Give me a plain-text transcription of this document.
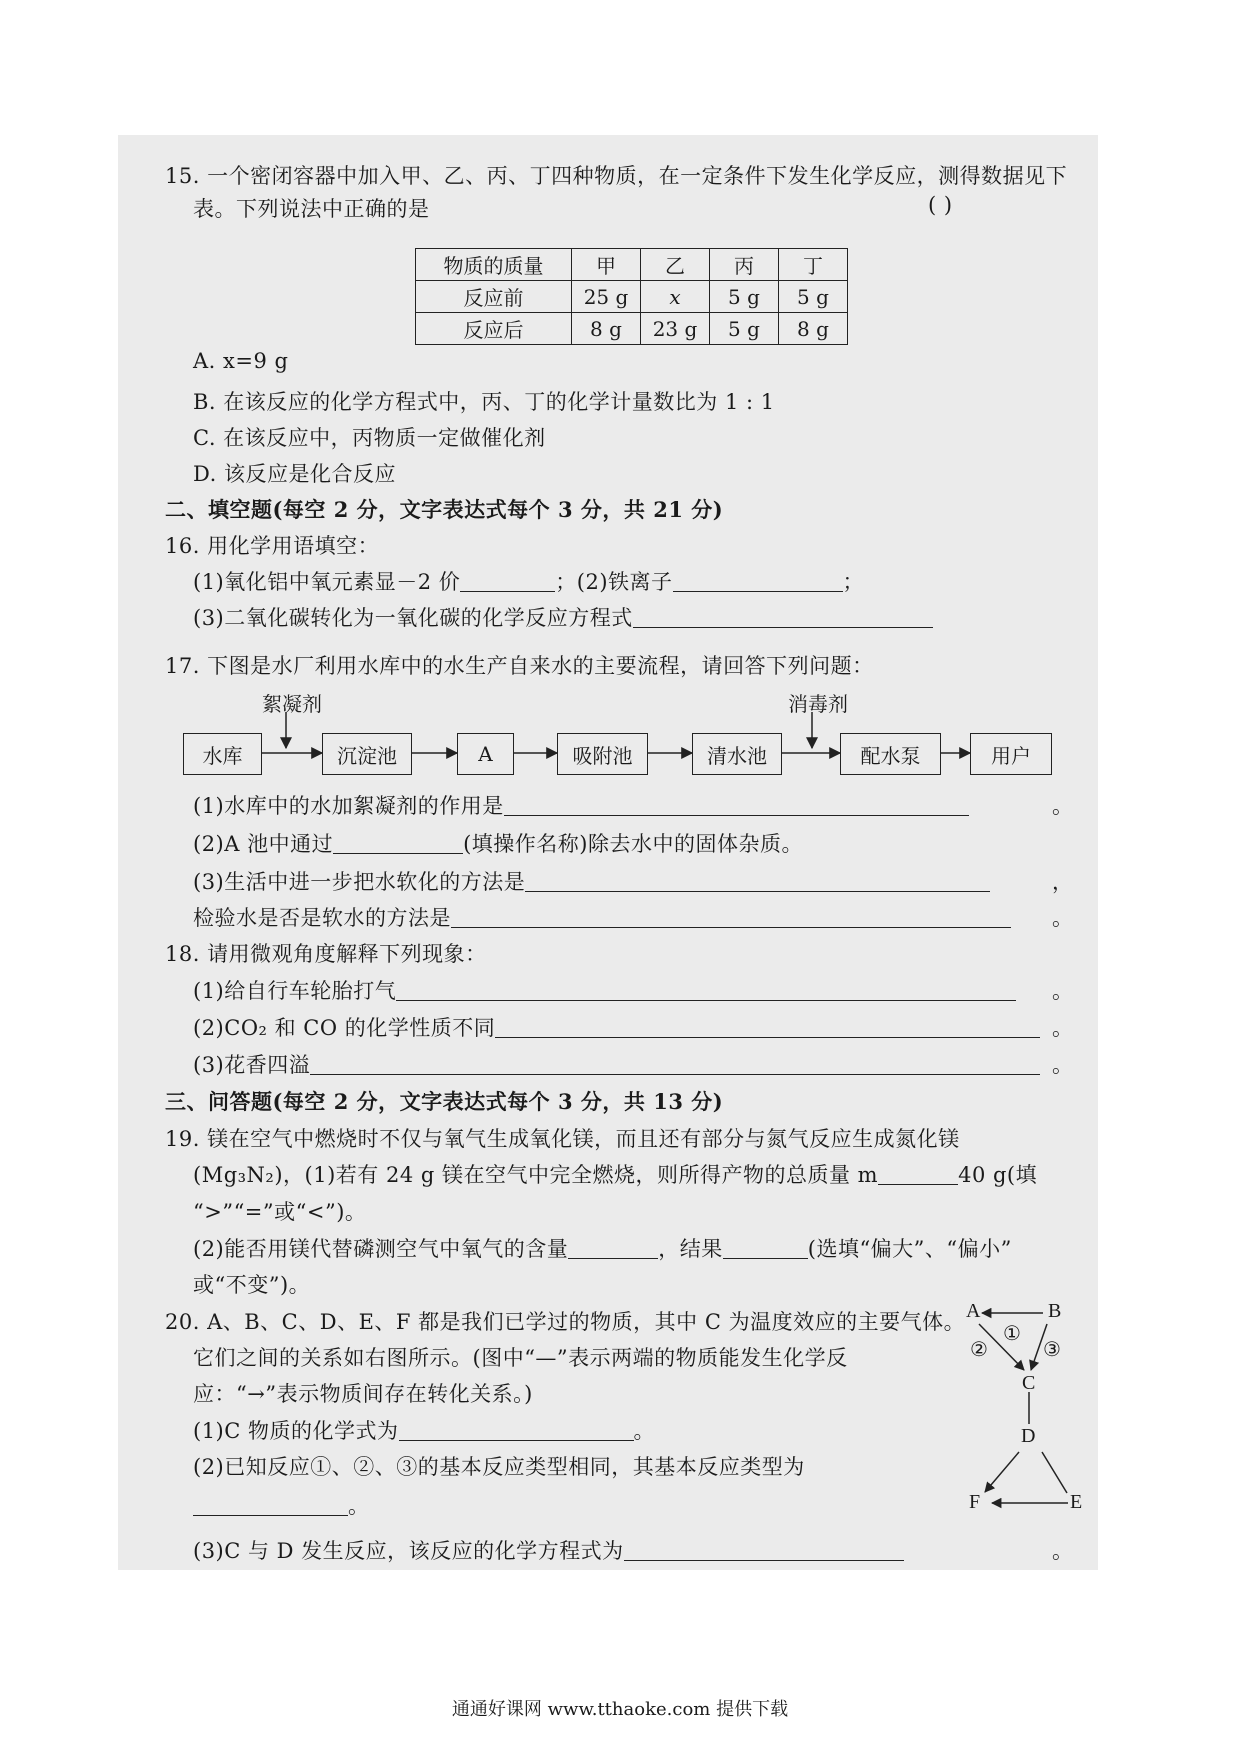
15. 一个密闭容器中加入甲、乙、丙、丁四种物质，在一定条件下发生化学反应，测得数据见下
表。下列说法中正确的是	( )
物质的质量	甲	乙	丙	丁
反应前	25 g	x	5 g	5 g
反应后	8 g	23 g	5 g	8 g
A. x=9 g
B. 在该反应的化学方程式中，丙、丁的化学计量数比为 1 : 1
C. 在该反应中，丙物质一定做催化剂
D. 该反应是化合反应
二、填空题(每空 2 分，文字表达式每个 3 分，共 21 分)
16. 用化学用语填空：
(1)氧化铝中氧元素显－2 价	；(2)铁离子	；
(3)二氧化碳转化为一氧化碳的化学反应方程式
17. 下图是水厂利用水库中的水生产自来水的主要流程，请回答下列问题：
絮凝剂	消毒剂
水库	沉淀池	A	吸附池	清水池	配水泵	用户
(1)水库中的水加絮凝剂的作用是	。
(2)A 池中通过	(填操作名称)除去水中的固体杂质。
(3)生活中进一步把水软化的方法是	，
检验水是否是软水的方法是	。
18. 请用微观角度解释下列现象：
(1)给自行车轮胎打气	。
(2)CO₂ 和 CO 的化学性质不同	。
(3)花香四溢	。
三、问答题(每空 2 分，文字表达式每个 3 分，共 13 分)
19. 镁在空气中燃烧时不仅与氧气生成氧化镁，而且还有部分与氮气反应生成氮化镁
(Mg₃N₂)，(1)若有 24 g 镁在空气中完全燃烧，则所得产物的总质量 m	40 g(填
“>”“=”或“<”)。
(2)能否用镁代替磷测空气中氧气的含量	，结果	(选填“偏大”、“偏小”
或“不变”)。
20. A、B、C、D、E、F 都是我们已学过的物质，其中 C 为温度效应的主要气体。
它们之间的关系如右图所示。(图中“—”表示两端的物质能发生化学反
应：“→”表示物质间存在转化关系。)
(1)C 物质的化学式为	。
(2)已知反应①、②、③的基本反应类型相同，其基本反应类型为
。
(3)C 与 D 发生反应，该反应的化学方程式为	。
A	B
C
D
E
F
①
②	③
通通好课网 www.tthaoke.com 提供下载
